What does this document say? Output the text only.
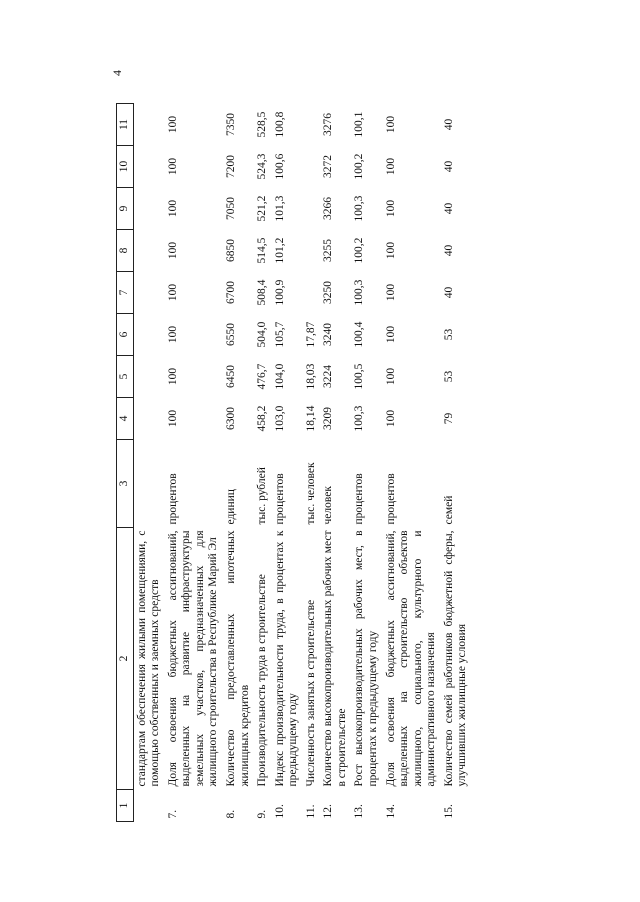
4
1	2	3	4	5	6	7	8	9	10	11
	стандартам обеспечения жилыми помещениями, с помощью собственных и заемных средств									
7.	Доля освоения бюджетных ассигнований, выделенных на развитие инфраструктуры земельных участков, предназначенных для жилищного строительства в Республике Марий Эл	процентов	100	100	100	100	100	100	100	100
8.	Количество предоставленных ипотечных жилищных кредитов	единиц	6300	6450	6550	6700	6850	7050	7200	7350
9.	Производительность труда в строительстве	тыс. рублей	458,2	476,7	504,0	508,4	514,5	521,2	524,3	528,5
10.	Индекс производительности труда, в процентах к предыдущему году	процентов	103,0	104,0	105,7	100,9	101,2	101,3	100,6	100,8
11.	Численность занятых в строительстве	тыс. человек	18,14	18,03	17,87					
12.	Количество высокопроизводительных рабочих мест в строительстве	человек	3209	3224	3240	3250	3255	3266	3272	3276
13.	Рост высокопроизводительных рабочих мест, в процентах к предыдущему году	процентов	100,3	100,5	100,4	100,3	100,2	100,3	100,2	100,1
14.	Доля освоения бюджетных ассигнований, выделенных на строительство объектов жилищного, социального, культурного и административного назначения	процентов	100	100	100	100	100	100	100	100
15.	Количество семей работников бюджетной сферы, улучшивших жилищные условия	семей	79	53	53	40	40	40	40	40
